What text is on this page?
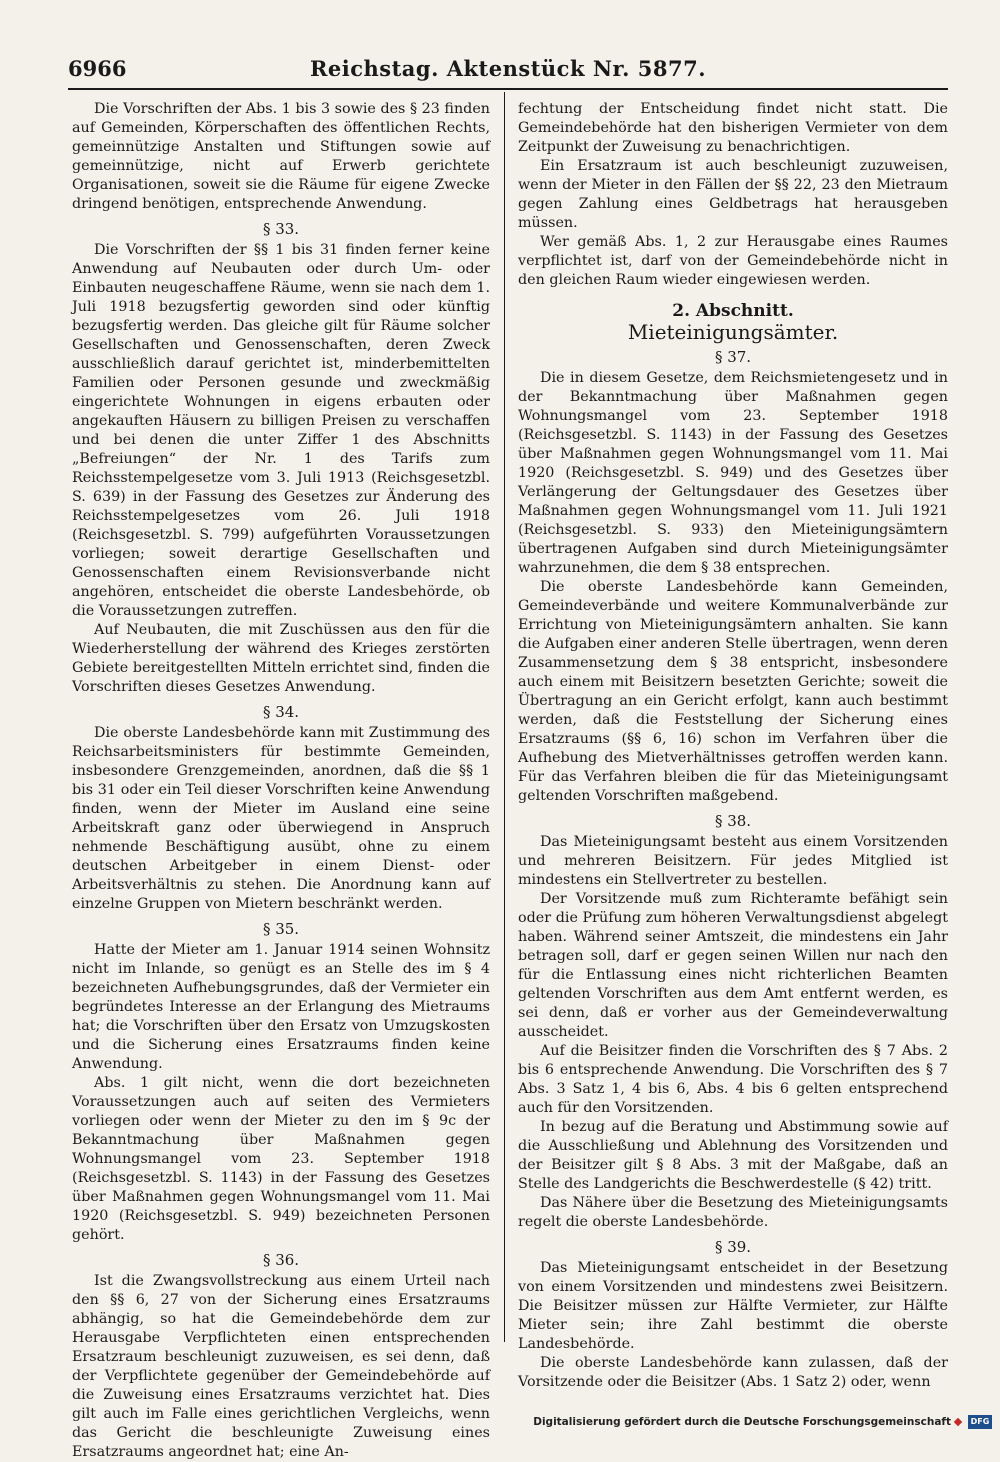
6966	Reichstag. Aktenstück Nr. 5877.

Die Vorschriften der Abs. 1 bis 3 sowie des § 23 finden auf Gemeinden, Körperschaften des öffentlichen Rechts, gemeinnützige Anstalten und Stiftungen sowie auf gemeinnützige, nicht auf Erwerb gerichtete Organisationen, soweit sie die Räume für eigene Zwecke dringend benötigen, entsprechende Anwendung.

§ 33.

Die Vorschriften der §§ 1 bis 31 finden ferner keine Anwendung auf Neubauten oder durch Um- oder Einbauten neugeschaffene Räume, wenn sie nach dem 1. Juli 1918 bezugsfertig geworden sind oder künftig bezugsfertig werden. Das gleiche gilt für Räume solcher Gesellschaften und Genossenschaften, deren Zweck ausschließlich darauf gerichtet ist, minderbemittelten Familien oder Personen gesunde und zweckmäßig eingerichtete Wohnungen in eigens erbauten oder angekauften Häusern zu billigen Preisen zu verschaffen und bei denen die unter Ziffer 1 des Abschnitts „Befreiungen“ der Nr. 1 des Tarifs zum Reichsstempelgesetze vom 3. Juli 1913 (Reichsgesetzbl. S. 639) in der Fassung des Gesetzes zur Änderung des Reichsstempelgesetzes vom 26. Juli 1918 (Reichsgesetzbl. S. 799) aufgeführten Voraussetzungen vorliegen; soweit derartige Gesellschaften und Genossenschaften einem Revisionsverbande nicht angehören, entscheidet die oberste Landesbehörde, ob die Voraussetzungen zutreffen.

Auf Neubauten, die mit Zuschüssen aus den für die Wiederherstellung der während des Krieges zerstörten Gebiete bereitgestellten Mitteln errichtet sind, finden die Vorschriften dieses Gesetzes Anwendung.

§ 34.

Die oberste Landesbehörde kann mit Zustimmung des Reichsarbeitsministers für bestimmte Gemeinden, insbesondere Grenzgemeinden, anordnen, daß die §§ 1 bis 31 oder ein Teil dieser Vorschriften keine Anwendung finden, wenn der Mieter im Ausland eine seine Arbeitskraft ganz oder überwiegend in Anspruch nehmende Beschäftigung ausübt, ohne zu einem deutschen Arbeitgeber in einem Dienst- oder Arbeitsverhältnis zu stehen. Die Anordnung kann auf einzelne Gruppen von Mietern beschränkt werden.

§ 35.

Hatte der Mieter am 1. Januar 1914 seinen Wohnsitz nicht im Inlande, so genügt es an Stelle des im § 4 bezeichneten Aufhebungsgrundes, daß der Vermieter ein begründetes Interesse an der Erlangung des Mietraums hat; die Vorschriften über den Ersatz von Umzugskosten und die Sicherung eines Ersatzraums finden keine Anwendung.

Abs. 1 gilt nicht, wenn die dort bezeichneten Voraussetzungen auch auf seiten des Vermieters vorliegen oder wenn der Mieter zu den im § 9c der Bekanntmachung über Maßnahmen gegen Wohnungsmangel vom 23. September 1918 (Reichsgesetzbl. S. 1143) in der Fassung des Gesetzes über Maßnahmen gegen Wohnungsmangel vom 11. Mai 1920 (Reichsgesetzbl. S. 949) bezeichneten Personen gehört.

§ 36.

Ist die Zwangsvollstreckung aus einem Urteil nach den §§ 6, 27 von der Sicherung eines Ersatzraums abhängig, so hat die Gemeindebehörde dem zur Herausgabe Verpflichteten einen entsprechenden Ersatzraum beschleunigt zuzuweisen, es sei denn, daß der Verpflichtete gegenüber der Gemeindebehörde auf die Zuweisung eines Ersatzraums verzichtet hat. Dies gilt auch im Falle eines gerichtlichen Vergleichs, wenn das Gericht die beschleunigte Zuweisung eines Ersatzraums angeordnet hat; eine An-

fechtung der Entscheidung findet nicht statt. Die Gemeindebehörde hat den bisherigen Vermieter von dem Zeitpunkt der Zuweisung zu benachrichtigen.

Ein Ersatzraum ist auch beschleunigt zuzuweisen, wenn der Mieter in den Fällen der §§ 22, 23 den Mietraum gegen Zahlung eines Geldbetrags hat herausgeben müssen.

Wer gemäß Abs. 1, 2 zur Herausgabe eines Raumes verpflichtet ist, darf von der Gemeindebehörde nicht in den gleichen Raum wieder eingewiesen werden.

2. Abschnitt.
Mieteinigungsämter.
§ 37.

Die in diesem Gesetze, dem Reichsmietengesetz und in der Bekanntmachung über Maßnahmen gegen Wohnungsmangel vom 23. September 1918 (Reichsgesetzbl. S. 1143) in der Fassung des Gesetzes über Maßnahmen gegen Wohnungsmangel vom 11. Mai 1920 (Reichsgesetzbl. S. 949) und des Gesetzes über Verlängerung der Geltungsdauer des Gesetzes über Maßnahmen gegen Wohnungsmangel vom 11. Juli 1921 (Reichsgesetzbl. S. 933) den Mieteinigungsämtern übertragenen Aufgaben sind durch Mieteinigungsämter wahrzunehmen, die dem § 38 entsprechen.

Die oberste Landesbehörde kann Gemeinden, Gemeindeverbände und weitere Kommunalverbände zur Errichtung von Mieteinigungsämtern anhalten. Sie kann die Aufgaben einer anderen Stelle übertragen, wenn deren Zusammensetzung dem § 38 entspricht, insbesondere auch einem mit Beisitzern besetzten Gerichte; soweit die Übertragung an ein Gericht erfolgt, kann auch bestimmt werden, daß die Feststellung der Sicherung eines Ersatzraums (§§ 6, 16) schon im Verfahren über die Aufhebung des Mietverhältnisses getroffen werden kann. Für das Verfahren bleiben die für das Mieteinigungsamt geltenden Vorschriften maßgebend.

§ 38.

Das Mieteinigungsamt besteht aus einem Vorsitzenden und mehreren Beisitzern. Für jedes Mitglied ist mindestens ein Stellvertreter zu bestellen.

Der Vorsitzende muß zum Richteramte befähigt sein oder die Prüfung zum höheren Verwaltungsdienst abgelegt haben. Während seiner Amtszeit, die mindestens ein Jahr betragen soll, darf er gegen seinen Willen nur nach den für die Entlassung eines nicht richterlichen Beamten geltenden Vorschriften aus dem Amt entfernt werden, es sei denn, daß er vorher aus der Gemeindeverwaltung ausscheidet.

Auf die Beisitzer finden die Vorschriften des § 7 Abs. 2 bis 6 entsprechende Anwendung. Die Vorschriften des § 7 Abs. 3 Satz 1, 4 bis 6, Abs. 4 bis 6 gelten entsprechend auch für den Vorsitzenden.

In bezug auf die Beratung und Abstimmung sowie auf die Ausschließung und Ablehnung des Vorsitzenden und der Beisitzer gilt § 8 Abs. 3 mit der Maßgabe, daß an Stelle des Landgerichts die Beschwerdestelle (§ 42) tritt.

Das Nähere über die Besetzung des Mieteinigungsamts regelt die oberste Landesbehörde.

§ 39.

Das Mieteinigungsamt entscheidet in der Besetzung von einem Vorsitzenden und mindestens zwei Beisitzern. Die Beisitzer müssen zur Hälfte Vermieter, zur Hälfte Mieter sein; ihre Zahl bestimmt die oberste Landesbehörde.

Die oberste Landesbehörde kann zulassen, daß der Vorsitzende oder die Beisitzer (Abs. 1 Satz 2) oder, wenn

Digitalisierung gefördert durch die Deutsche Forschungsgemeinschaft	DFG
